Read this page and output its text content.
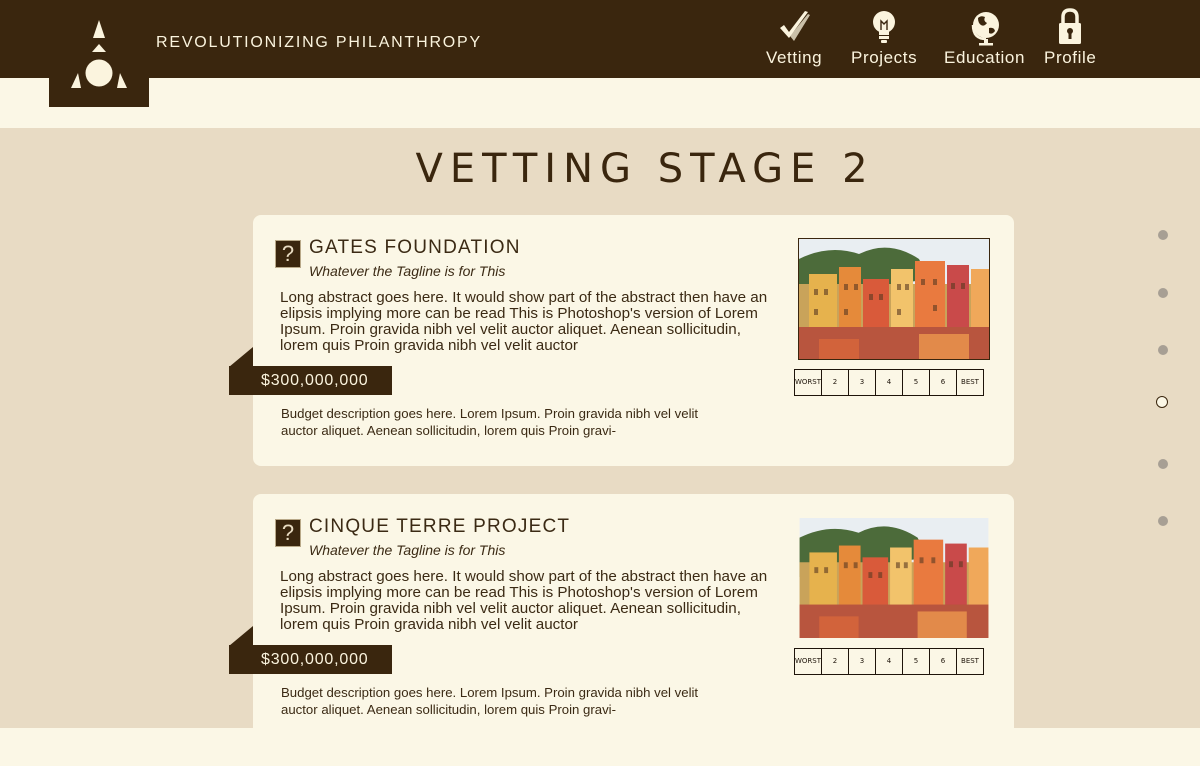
REVOLUTIONIZING PHILANTHROPY
Vetting Projects Education Profile
VETTING STAGE 2
? GATES FOUNDATION
Whatever the Tagline is for This
Long abstract goes here. It would show part of the abstract then have an elipsis implying more can be read This is Photoshop's version of Lorem Ipsum. Proin gravida nibh vel velit auctor aliquet. Aenean sollicitudin, lorem quis Proin gravida nibh vel velit auctor
Budget description goes here. Lorem Ipsum. Proin gravida nibh vel velit auctor aliquet. Aenean sollicitudin, lorem quis Proin gravi-
WORST	2	3	4	5	6	BEST
$300,000,000
? CINQUE TERRE PROJECT
Whatever the Tagline is for This
Long abstract goes here. It would show part of the abstract then have an elipsis implying more can be read This is Photoshop's version of Lorem Ipsum. Proin gravida nibh vel velit auctor aliquet. Aenean sollicitudin, lorem quis Proin gravida nibh vel velit auctor
Budget description goes here. Lorem Ipsum. Proin gravida nibh vel velit auctor aliquet. Aenean sollicitudin, lorem quis Proin gravi-
WORST	2	3	4	5	6	BEST
$300,000,000
